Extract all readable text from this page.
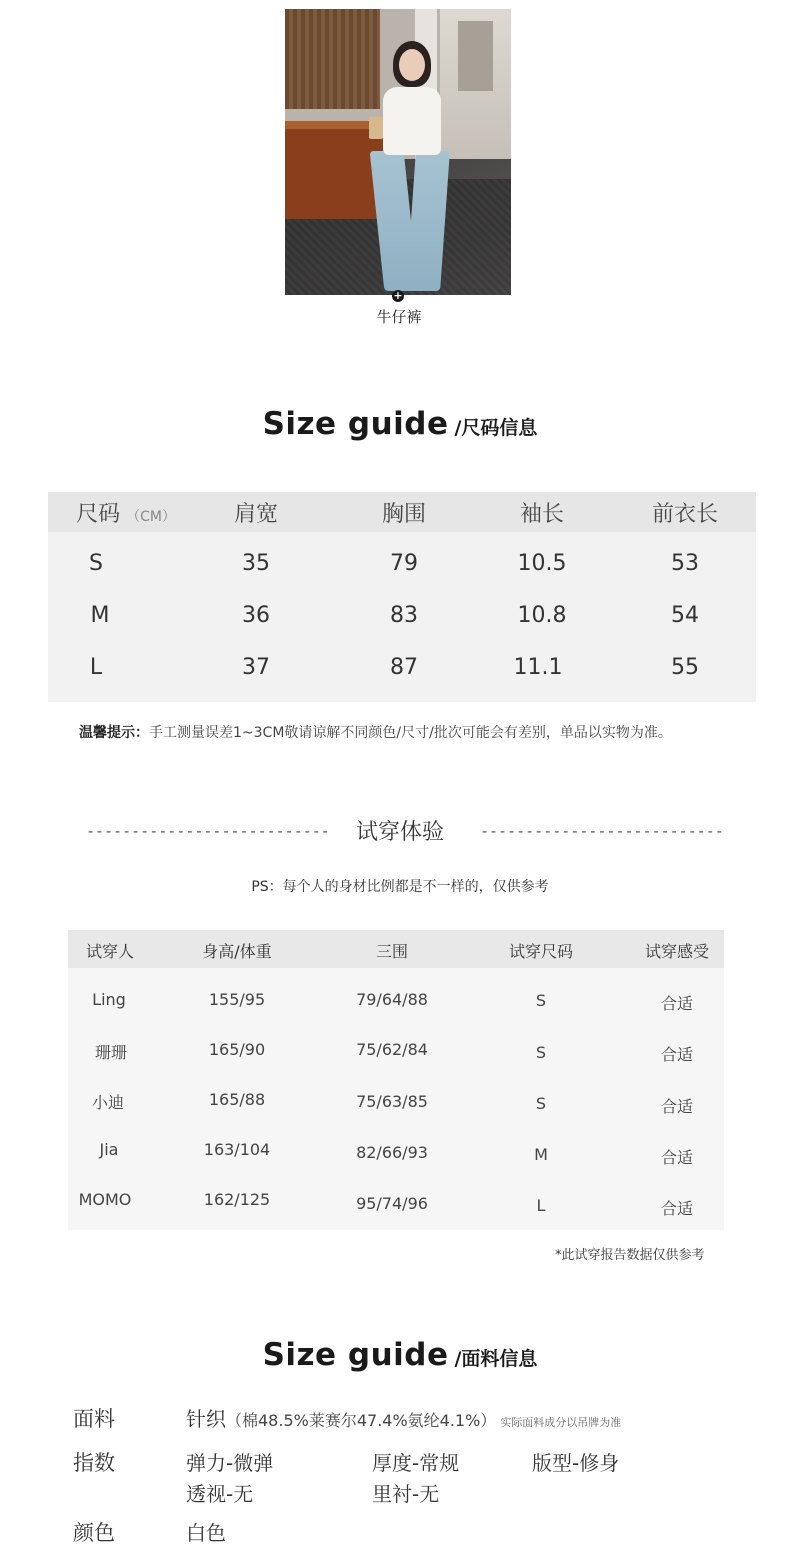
+
牛仔裤
Size guide /尺码信息
尺码 （CM）	肩宽	胸围	袖长	前衣长
S	35	79	10.5	53
M	36	83	10.8	54
L	37	87	11.1	55
温馨提示：手工测量误差1~3CM敬请谅解不同颜色/尺寸/批次可能会有差别，单品以实物为准。
---------------------------	试穿体验	---------------------------
PS：每个人的身材比例都是不一样的，仅供参考
试穿人	身高/体重	三围	试穿尺码	试穿感受
Ling	155/95	79/64/88	S	合适
珊珊	165/90	75/62/84	S	合适
小迪	165/88	75/63/85	S	合适
Jia	163/104	82/66/93	M	合适
MOMO	162/125	95/74/96	L	合适
*此试穿报告数据仅供参考
Size guide /面料信息
面料	针织（棉48.5%莱赛尔47.4%氨纶4.1%） 实际面料成分以吊牌为准
指数	弹力-微弹	厚度-常规	版型-修身
透视-无	里衬-无
颜色	白色
